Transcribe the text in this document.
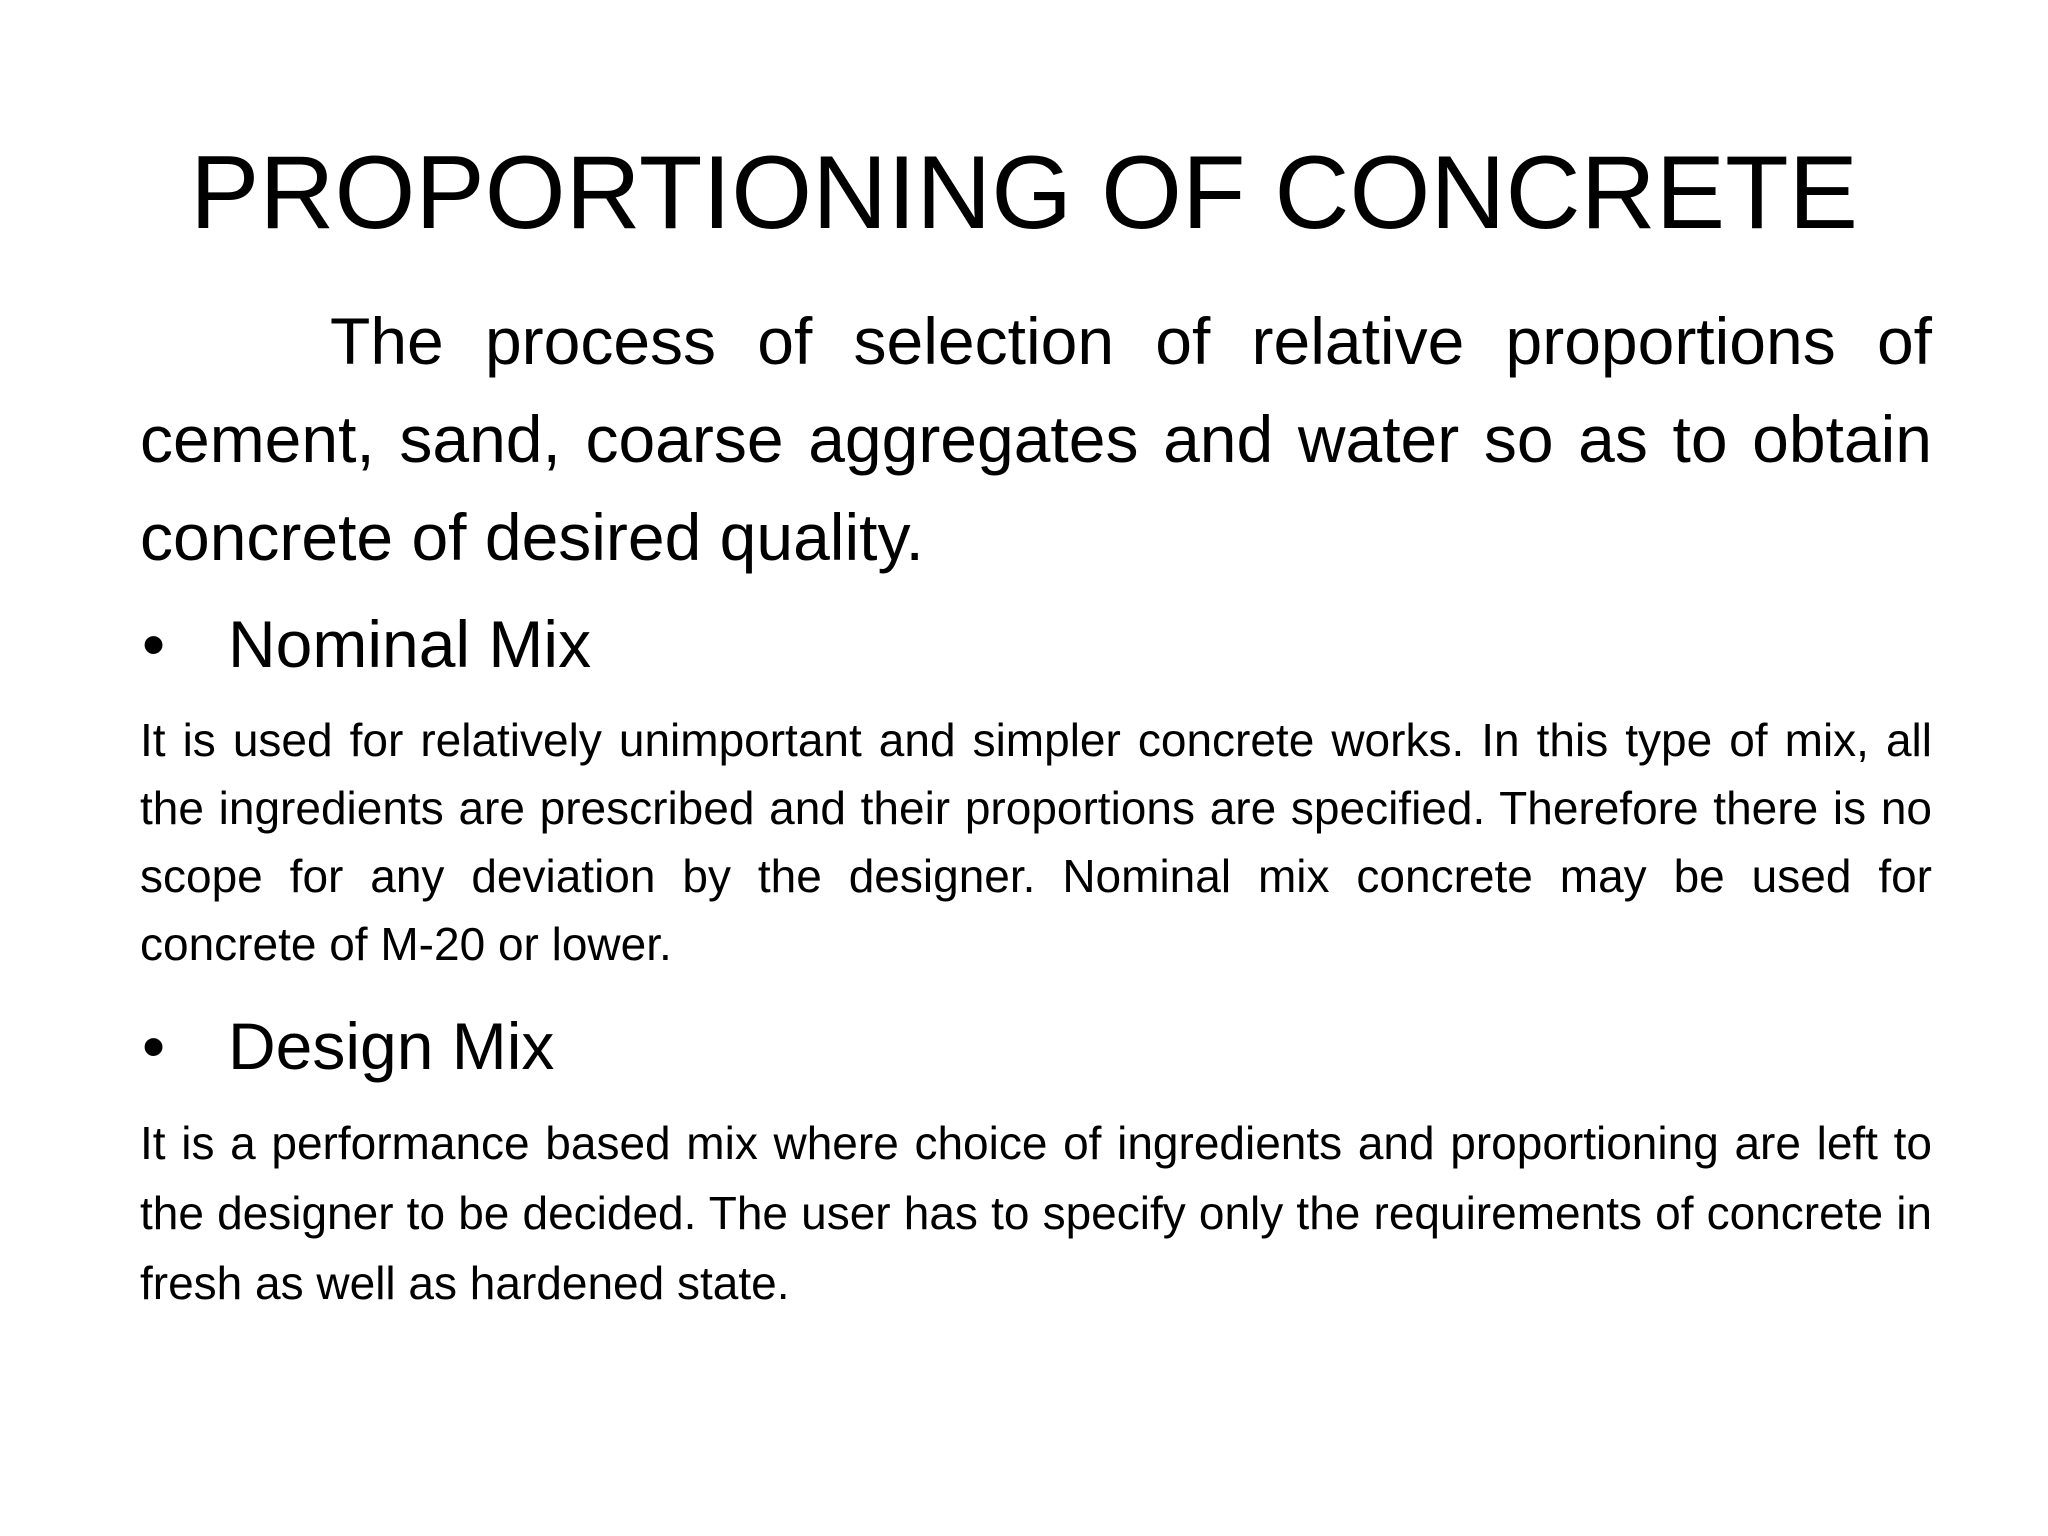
PROPORTIONING OF CONCRETE
The process of selection of relative proportions of cement, sand, coarse aggregates and water so as to obtain concrete of desired quality.
• Nominal Mix
It is used for relatively unimportant and simpler concrete works. In this type of mix, all the ingredients are prescribed and their proportions are specified. Therefore there is no scope for any deviation by the designer. Nominal mix concrete may be used for concrete of M-20 or lower.
• Design Mix
It is a performance based mix where choice of ingredients and proportioning are left to the designer to be decided. The user has to specify only the requirements of concrete in fresh as well as hardened state.
